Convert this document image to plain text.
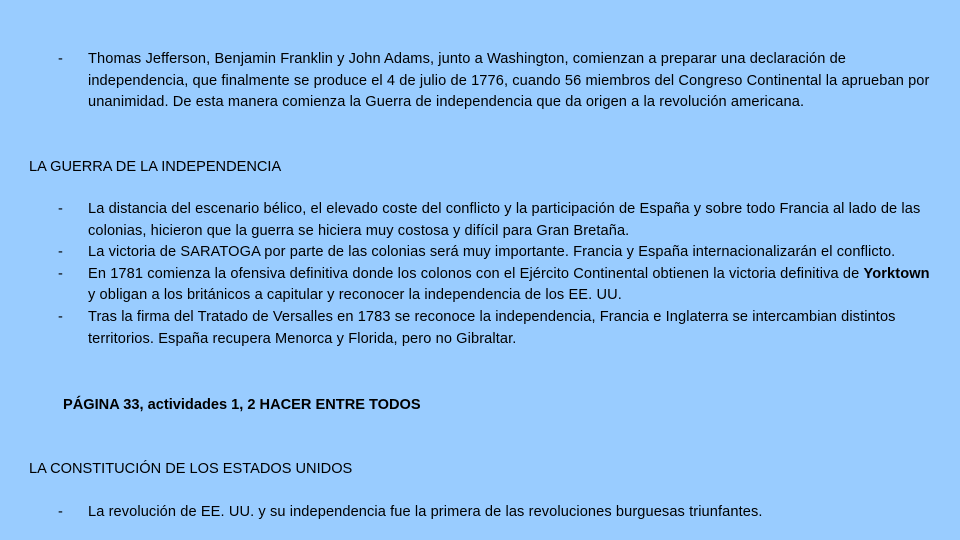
- Thomas Jefferson, Benjamin Franklin y John Adams, junto a Washington, comienzan a preparar una declaración de independencia, que finalmente se produce el 4 de julio de 1776, cuando 56 miembros del Congreso Continental la aprueban por unanimidad. De esta manera comienza la Guerra de independencia que da origen a la revolución americana.
LA GUERRA DE LA INDEPENDENCIA
- La distancia del escenario bélico, el elevado coste del conflicto y la participación de España y sobre todo Francia al lado de las colonias, hicieron que la guerra se hiciera muy costosa y difícil para Gran Bretaña.
- La victoria de SARATOGA por parte de las colonias será muy importante. Francia y España internacionalizarán el conflicto.
- En 1781 comienza la ofensiva definitiva donde los colonos con el Ejército Continental obtienen la victoria definitiva de Yorktown y obligan a los británicos a capitular y reconocer la independencia de los EE. UU.
- Tras la firma del Tratado de Versalles en 1783 se reconoce la independencia, Francia e Inglaterra se intercambian distintos territorios. España recupera Menorca y Florida, pero no Gibraltar.
PÁGINA 33, actividades 1, 2 HACER ENTRE TODOS
LA CONSTITUCIÓN DE LOS ESTADOS UNIDOS
- La revolución de EE. UU. y su independencia fue la primera de las revoluciones burguesas triunfantes.
